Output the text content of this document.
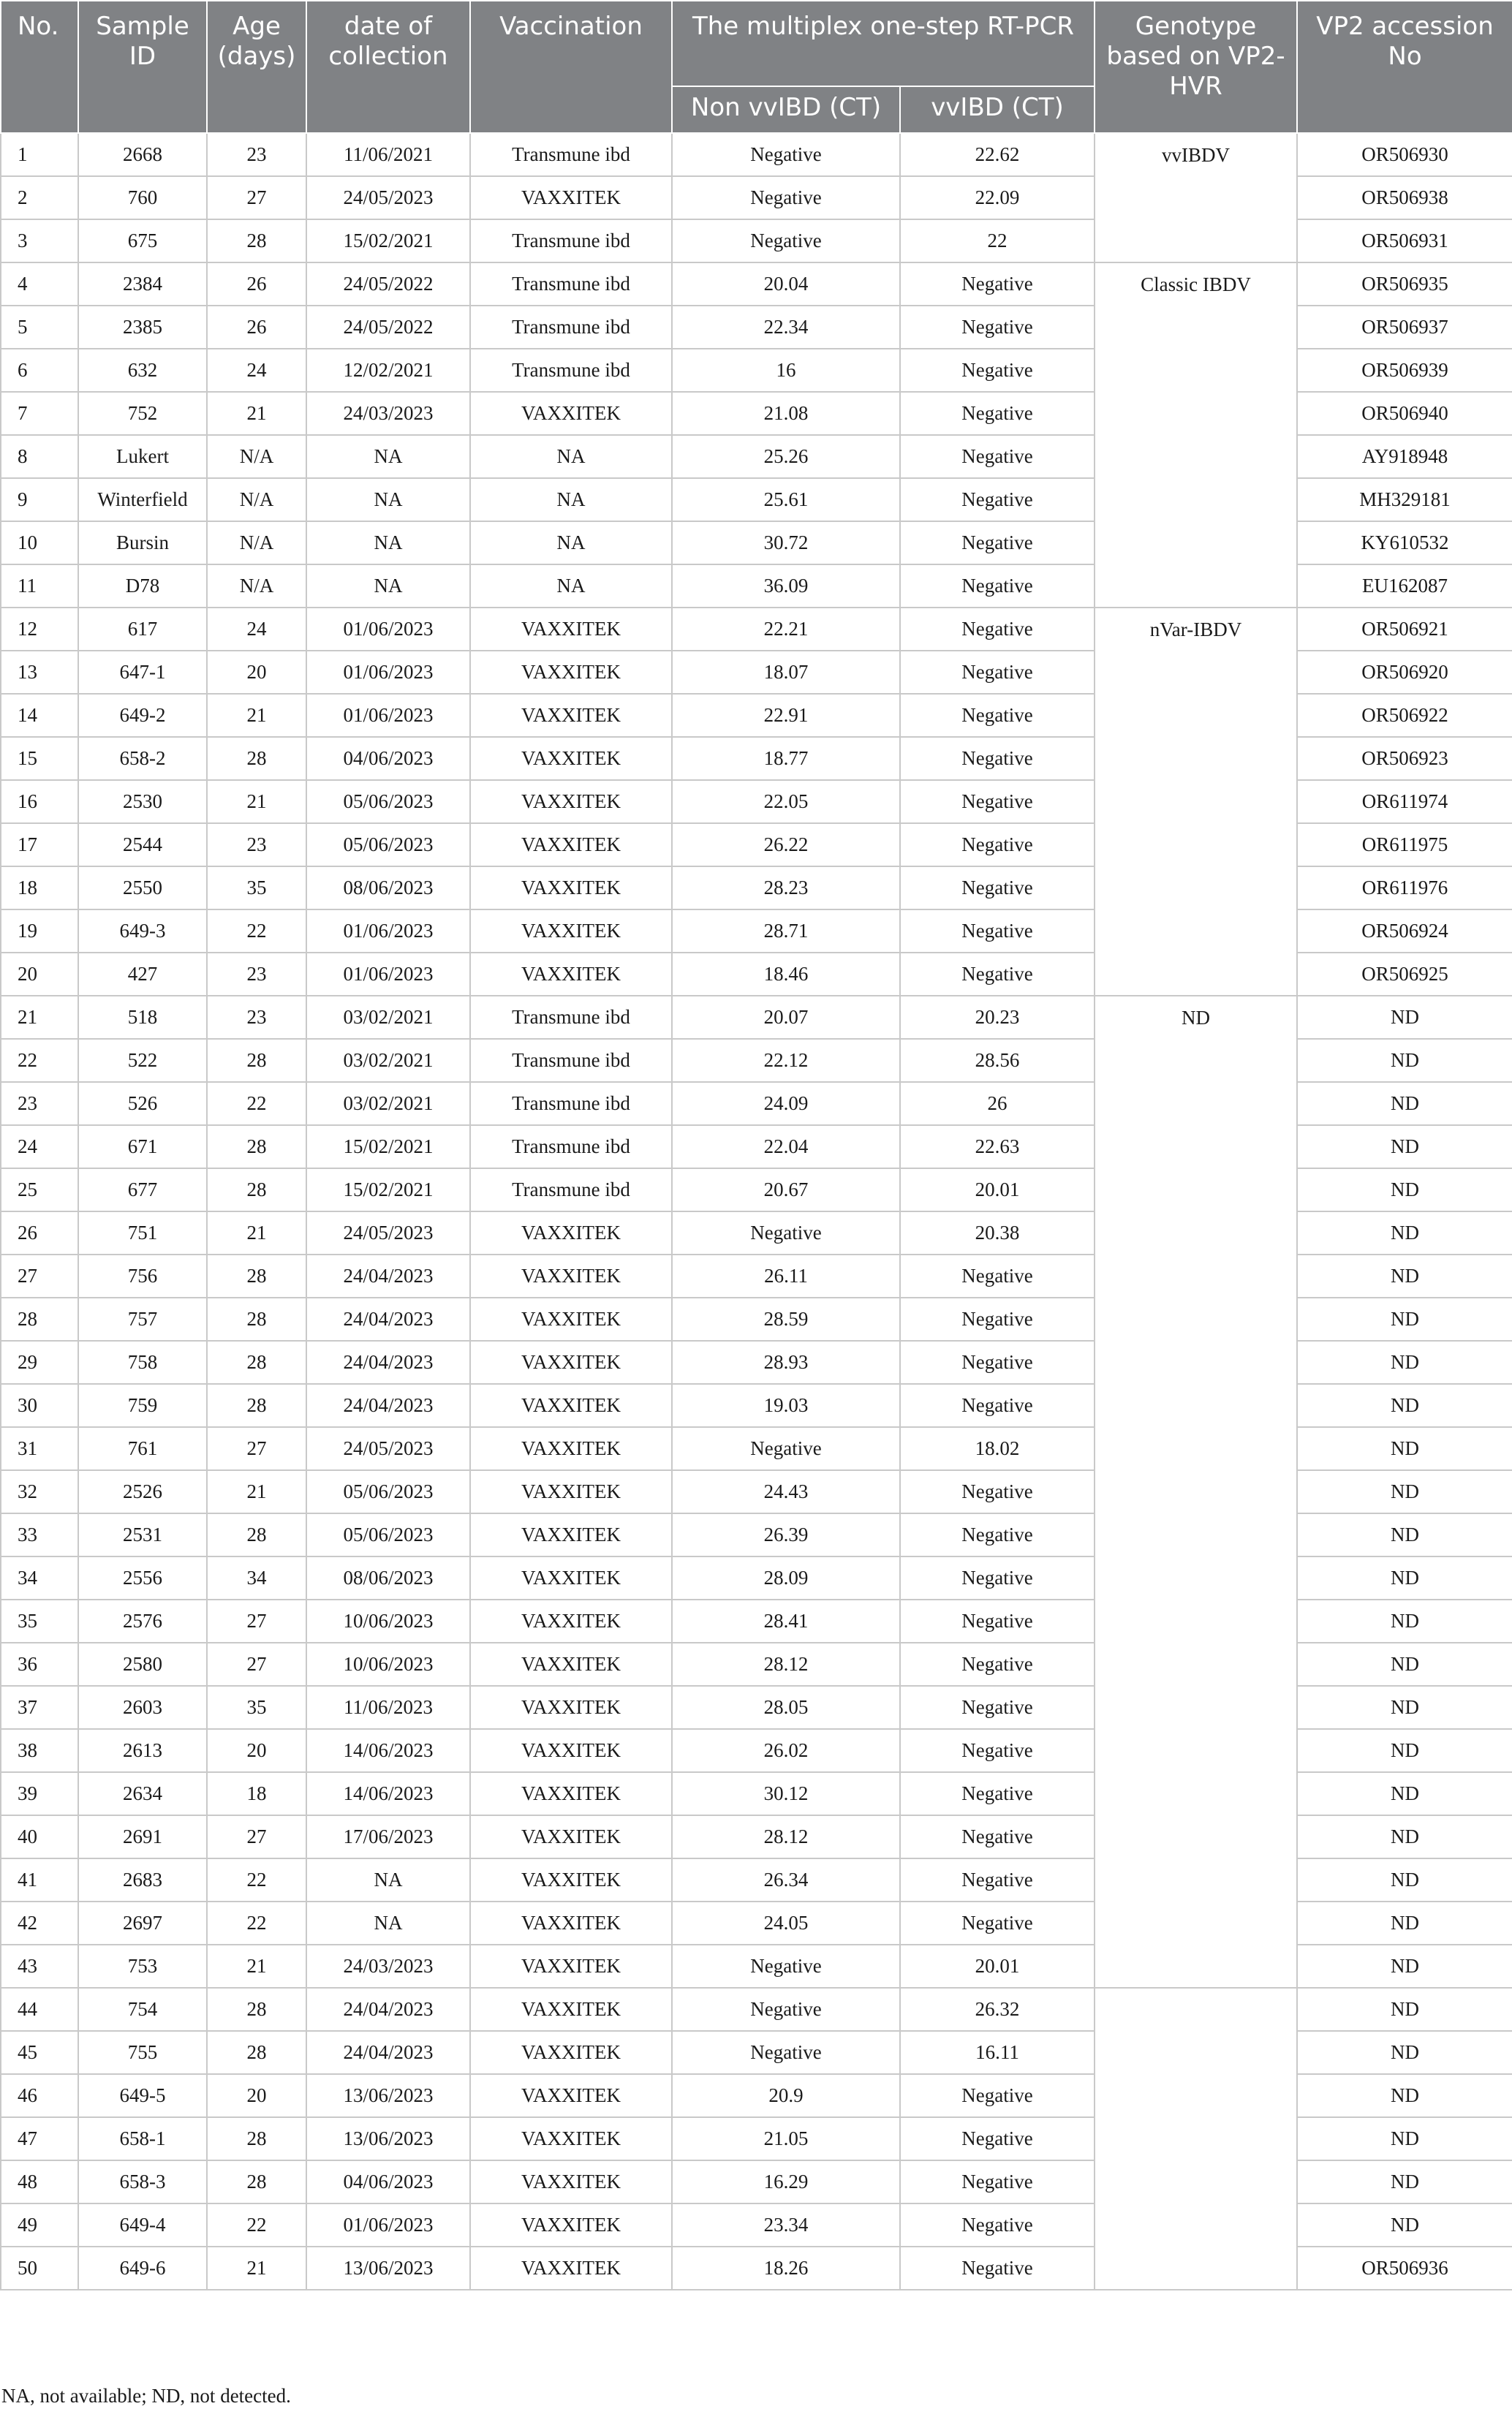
No.	Sample ID	Age (days)	date of collection	Vaccination	The multiplex one-step RT-PCR		Genotype based on VP2-HVR	VP2 accession No
					Non vvIBD (CT)	vvIBD (CT)		
1	2668	23	11/06/2021	Transmune ibd	Negative	22.62	vvIBDV	OR506930
2	760	27	24/05/2023	VAXXITEK	Negative	22.09		OR506938
3	675	28	15/02/2021	Transmune ibd	Negative	22		OR506931
4	2384	26	24/05/2022	Transmune ibd	20.04	Negative	Classic IBDV	OR506935
5	2385	26	24/05/2022	Transmune ibd	22.34	Negative		OR506937
6	632	24	12/02/2021	Transmune ibd	16	Negative		OR506939
7	752	21	24/03/2023	VAXXITEK	21.08	Negative		OR506940
8	Lukert	N/A	NA	NA	25.26	Negative		AY918948
9	Winterfield	N/A	NA	NA	25.61	Negative		MH329181
10	Bursin	N/A	NA	NA	30.72	Negative		KY610532
11	D78	N/A	NA	NA	36.09	Negative		EU162087
12	617	24	01/06/2023	VAXXITEK	22.21	Negative	nVar-IBDV	OR506921
13	647-1	20	01/06/2023	VAXXITEK	18.07	Negative		OR506920
14	649-2	21	01/06/2023	VAXXITEK	22.91	Negative		OR506922
15	658-2	28	04/06/2023	VAXXITEK	18.77	Negative		OR506923
16	2530	21	05/06/2023	VAXXITEK	22.05	Negative		OR611974
17	2544	23	05/06/2023	VAXXITEK	26.22	Negative		OR611975
18	2550	35	08/06/2023	VAXXITEK	28.23	Negative		OR611976
19	649-3	22	01/06/2023	VAXXITEK	28.71	Negative		OR506924
20	427	23	01/06/2023	VAXXITEK	18.46	Negative		OR506925
21	518	23	03/02/2021	Transmune ibd	20.07	20.23	ND	ND
22	522	28	03/02/2021	Transmune ibd	22.12	28.56		ND
23	526	22	03/02/2021	Transmune ibd	24.09	26		ND
24	671	28	15/02/2021	Transmune ibd	22.04	22.63		ND
25	677	28	15/02/2021	Transmune ibd	20.67	20.01		ND
26	751	21	24/05/2023	VAXXITEK	Negative	20.38		ND
27	756	28	24/04/2023	VAXXITEK	26.11	Negative		ND
28	757	28	24/04/2023	VAXXITEK	28.59	Negative		ND
29	758	28	24/04/2023	VAXXITEK	28.93	Negative		ND
30	759	28	24/04/2023	VAXXITEK	19.03	Negative		ND
31	761	27	24/05/2023	VAXXITEK	Negative	18.02		ND
32	2526	21	05/06/2023	VAXXITEK	24.43	Negative		ND
33	2531	28	05/06/2023	VAXXITEK	26.39	Negative		ND
34	2556	34	08/06/2023	VAXXITEK	28.09	Negative		ND
35	2576	27	10/06/2023	VAXXITEK	28.41	Negative		ND
36	2580	27	10/06/2023	VAXXITEK	28.12	Negative		ND
37	2603	35	11/06/2023	VAXXITEK	28.05	Negative		ND
38	2613	20	14/06/2023	VAXXITEK	26.02	Negative		ND
39	2634	18	14/06/2023	VAXXITEK	30.12	Negative		ND
40	2691	27	17/06/2023	VAXXITEK	28.12	Negative		ND
41	2683	22	NA	VAXXITEK	26.34	Negative		ND
42	2697	22	NA	VAXXITEK	24.05	Negative		ND
43	753	21	24/03/2023	VAXXITEK	Negative	20.01		ND
44	754	28	24/04/2023	VAXXITEK	Negative	26.32		ND
45	755	28	24/04/2023	VAXXITEK	Negative	16.11		ND
46	649-5	20	13/06/2023	VAXXITEK	20.9	Negative		ND
47	658-1	28	13/06/2023	VAXXITEK	21.05	Negative		ND
48	658-3	28	04/06/2023	VAXXITEK	16.29	Negative		ND
49	649-4	22	01/06/2023	VAXXITEK	23.34	Negative		ND
50	649-6	21	13/06/2023	VAXXITEK	18.26	Negative		OR506936
NA, not available; ND, not detected.
